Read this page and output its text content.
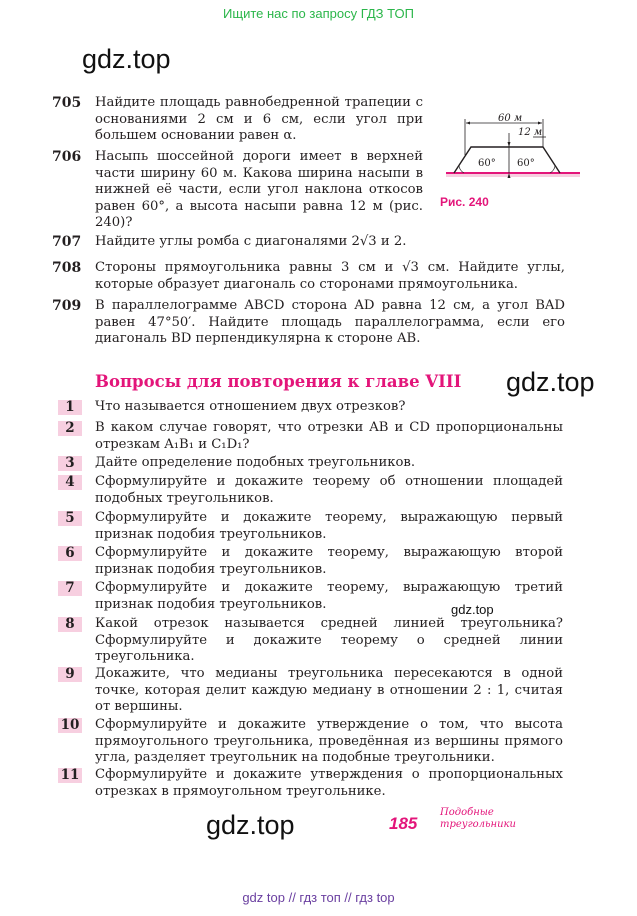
Ищите нас по запросу ГДЗ ТОП
gdz.top
705 Найдите площадь равнобедренной трапеции с основаниями 2 см и 6 см, если угол при большем основании равен α.
706 Насыпь шоссейной дороги имеет в верхней части ширину 60 м. Какова ширина насыпи в нижней её части, если угол наклона откосов равен 60°, а высота насыпи равна 12 м (рис. 240)?
707 Найдите углы ромба с диагоналями 2√3 и 2.
708 Стороны прямоугольника равны 3 см и √3 см. Найдите углы, которые образует диагональ со сторонами прямоугольника.
709 В параллелограмме ABCD сторона AD равна 12 см, а угол BAD равен 47°50′. Найдите площадь параллелограмма, если его диагональ BD перпендикулярна к стороне AB.
60 м
12 м
60° 60°
Рис. 240
Вопросы для повторения к главе VIII gdz.top
1	Что называется отношением двух отрезков?
2	В каком случае говорят, что отрезки AB и CD пропорциональны отрезкам A₁B₁ и C₁D₁?
3	Дайте определение подобных треугольников.
4	Сформулируйте и докажите теорему об отношении площадей подобных треугольников.
5	Сформулируйте и докажите теорему, выражающую первый признак подобия треугольников.
6	Сформулируйте и докажите теорему, выражающую второй признак подобия треугольников.
7	Сформулируйте и докажите теорему, выражающую третий признак подобия треугольников.	gdz.top
8	Какой отрезок называется средней линией треугольника? Сформулируйте и докажите теорему о средней линии треугольника.
9	Докажите, что медианы треугольника пересекаются в одной точке, которая делит каждую медиану в отношении 2 : 1, считая от вершины.
10 Сформулируйте и докажите утверждение о том, что высота прямоугольного треугольника, проведённая из вершины прямого угла, разделяет треугольник на подобные треугольники.
11 Сформулируйте и докажите утверждения о пропорциональных отрезках в прямоугольном треугольнике.
gdz.top	185
Подобные
треугольники
gdz top // гдз топ // гдз top
